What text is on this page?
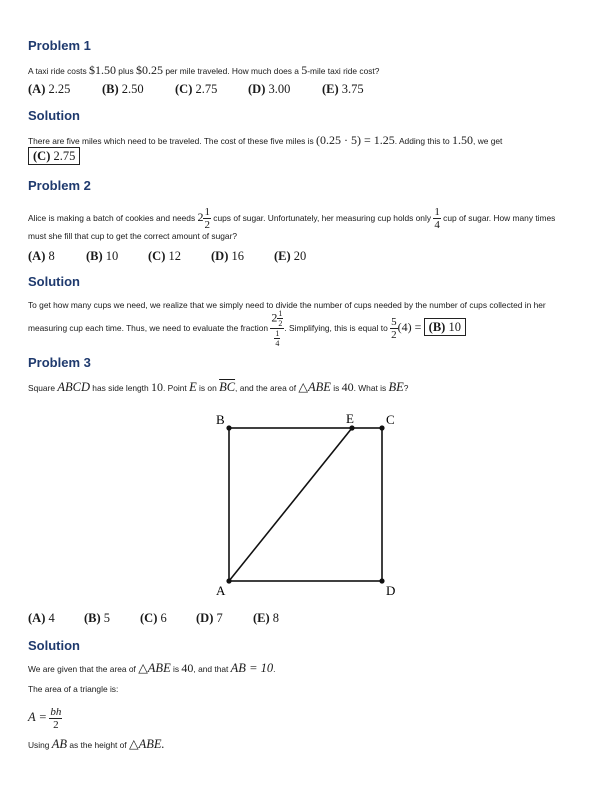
Problem 1
A taxi ride costs $1.50 plus $0.25 per mile traveled. How much does a 5-mile taxi ride cost?
(A) 2.25	(B) 2.50	(C) 2.75 (D) 3.00	(E) 3.75
Solution
There are five miles which need to be traveled. The cost of these five miles is (0.25 · 5) = 1.25. Adding this to 1.50, we get
(C) 2.75
Problem 2
Alice is making a batch of cookies and needs $2 \frac{1}{2}$ cups of sugar. Unfortunately, her measuring cup holds only $\frac{1}{4}$ cup of sugar. How many times
must she fill that cup to get the correct amount of sugar?
(A) 8	(B) 10 (C) 12 (D) 16 (E) 20
Solution
To get how many cups we need, we realize that we simply need to divide the number of cups needed by the number of cups collected in her
measuring cup each time. Thus, we need to evaluate the fraction $\frac{2 \frac{1}{2}}{\frac{1}{4}}$ . Simplifying, this is equal to $\frac{5}{2} (4) = (B)$ 10
Problem 3
Square ABCD has side length 10. Point E is on $\overline{BC}$, and the area of △ABE is 40. What is BE?
B	E C
A	D
(A) 4 (B) 5 (C) 6 (D) 7 (E) 8
Solution
We are given that the area of △ABE is 40, and that AB = 10.
The area of a triangle is:
$A = \frac{bh}{2}$
Using AB as the height of △ABE.
